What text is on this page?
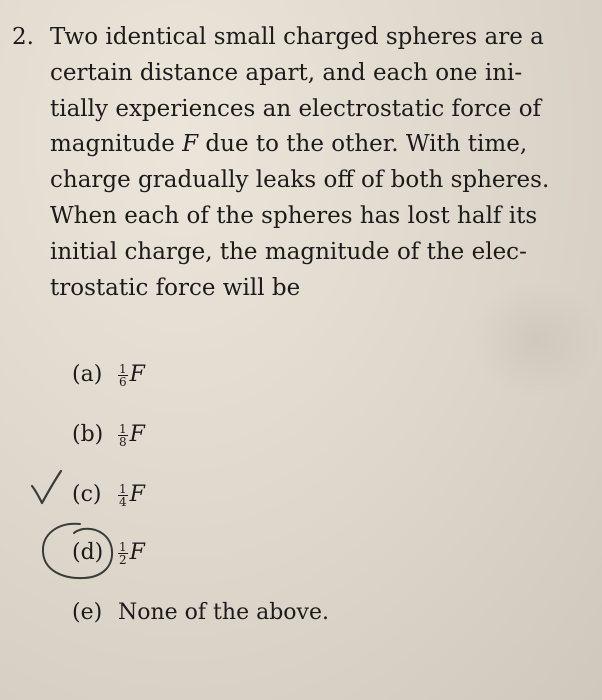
2. Two identical small charged spheres are a
certain distance apart, and each one ini-
tially experiences an electrostatic force of
magnitude F due to the other. With time,
charge gradually leaks off of both spheres.
When each of the spheres has lost half its
initial charge, the magnitude of the elec-
trostatic force will be
(a)	$\frac{1}{6}$ F
(b)	$\frac{1}{8}$ F
(c)	$\frac{1}{4}$ F
(d)	$\frac{1}{2}$ F
(e) None of the above.
